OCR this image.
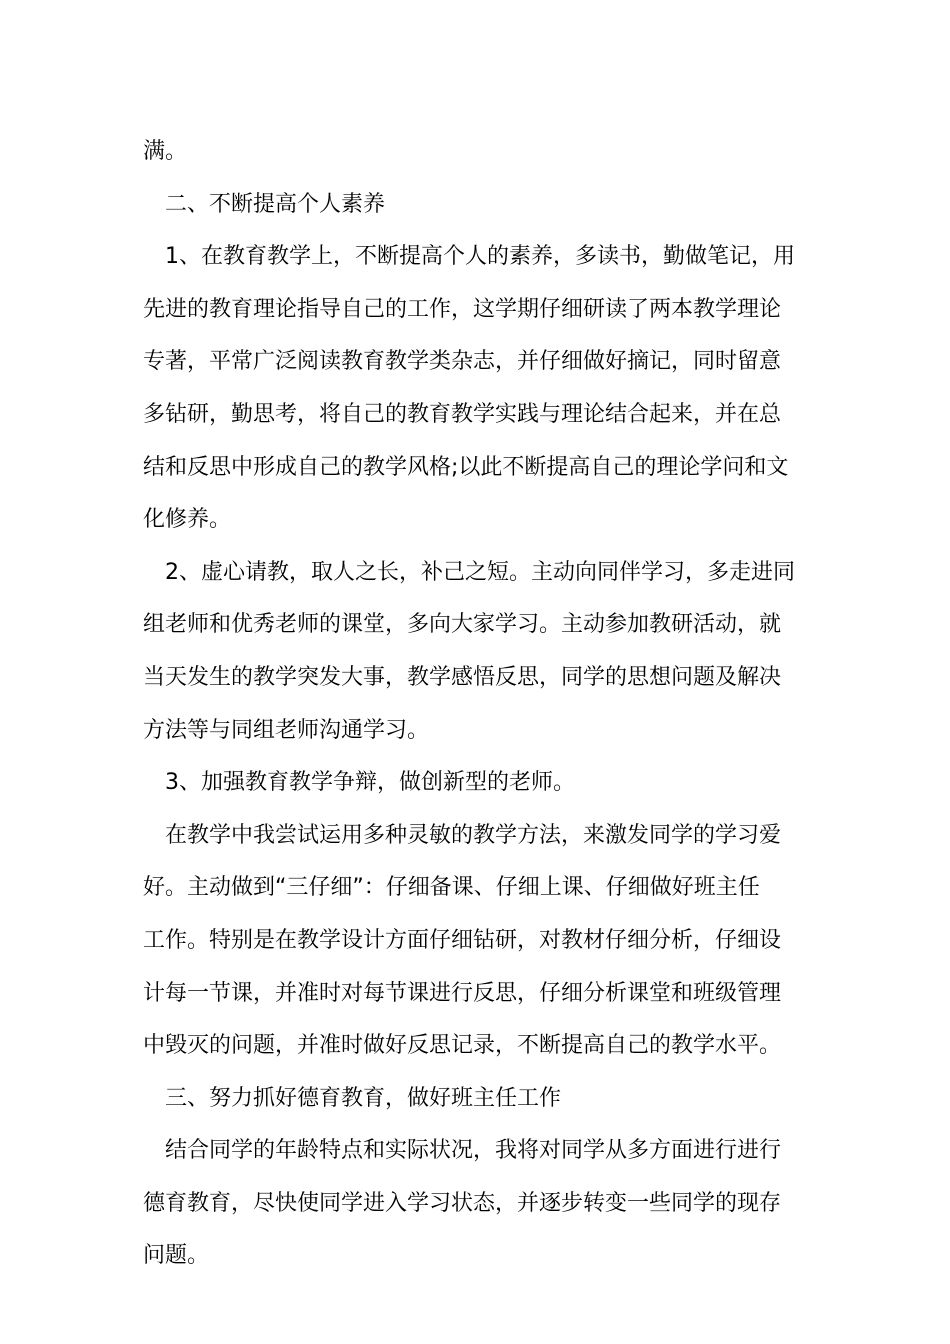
满。
二、不断提高个人素养
1、在教育教学上，不断提高个人的素养，多读书，勤做笔记，用
先进的教育理论指导自己的工作，这学期仔细研读了两本教学理论
专著，平常广泛阅读教育教学类杂志，并仔细做好摘记，同时留意
多钻研，勤思考，将自己的教育教学实践与理论结合起来，并在总
结和反思中形成自己的教学风格;以此不断提高自己的理论学问和文
化修养。
2、虚心请教，取人之长，补己之短。主动向同伴学习，多走进同
组老师和优秀老师的课堂，多向大家学习。主动参加教研活动，就
当天发生的教学突发大事，教学感悟反思，同学的思想问题及解决
方法等与同组老师沟通学习。
3、加强教育教学争辩，做创新型的老师。
在教学中我尝试运用多种灵敏的教学方法，来激发同学的学习爱
好。主动做到“三仔细”：仔细备课、仔细上课、仔细做好班主任
工作。特别是在教学设计方面仔细钻研，对教材仔细分析，仔细设
计每一节课，并准时对每节课进行反思，仔细分析课堂和班级管理
中毁灭的问题，并准时做好反思记录，不断提高自己的教学水平。
三、努力抓好德育教育，做好班主任工作
结合同学的年龄特点和实际状况，我将对同学从多方面进行进行
德育教育，尽快使同学进入学习状态，并逐步转变一些同学的现存
问题。
